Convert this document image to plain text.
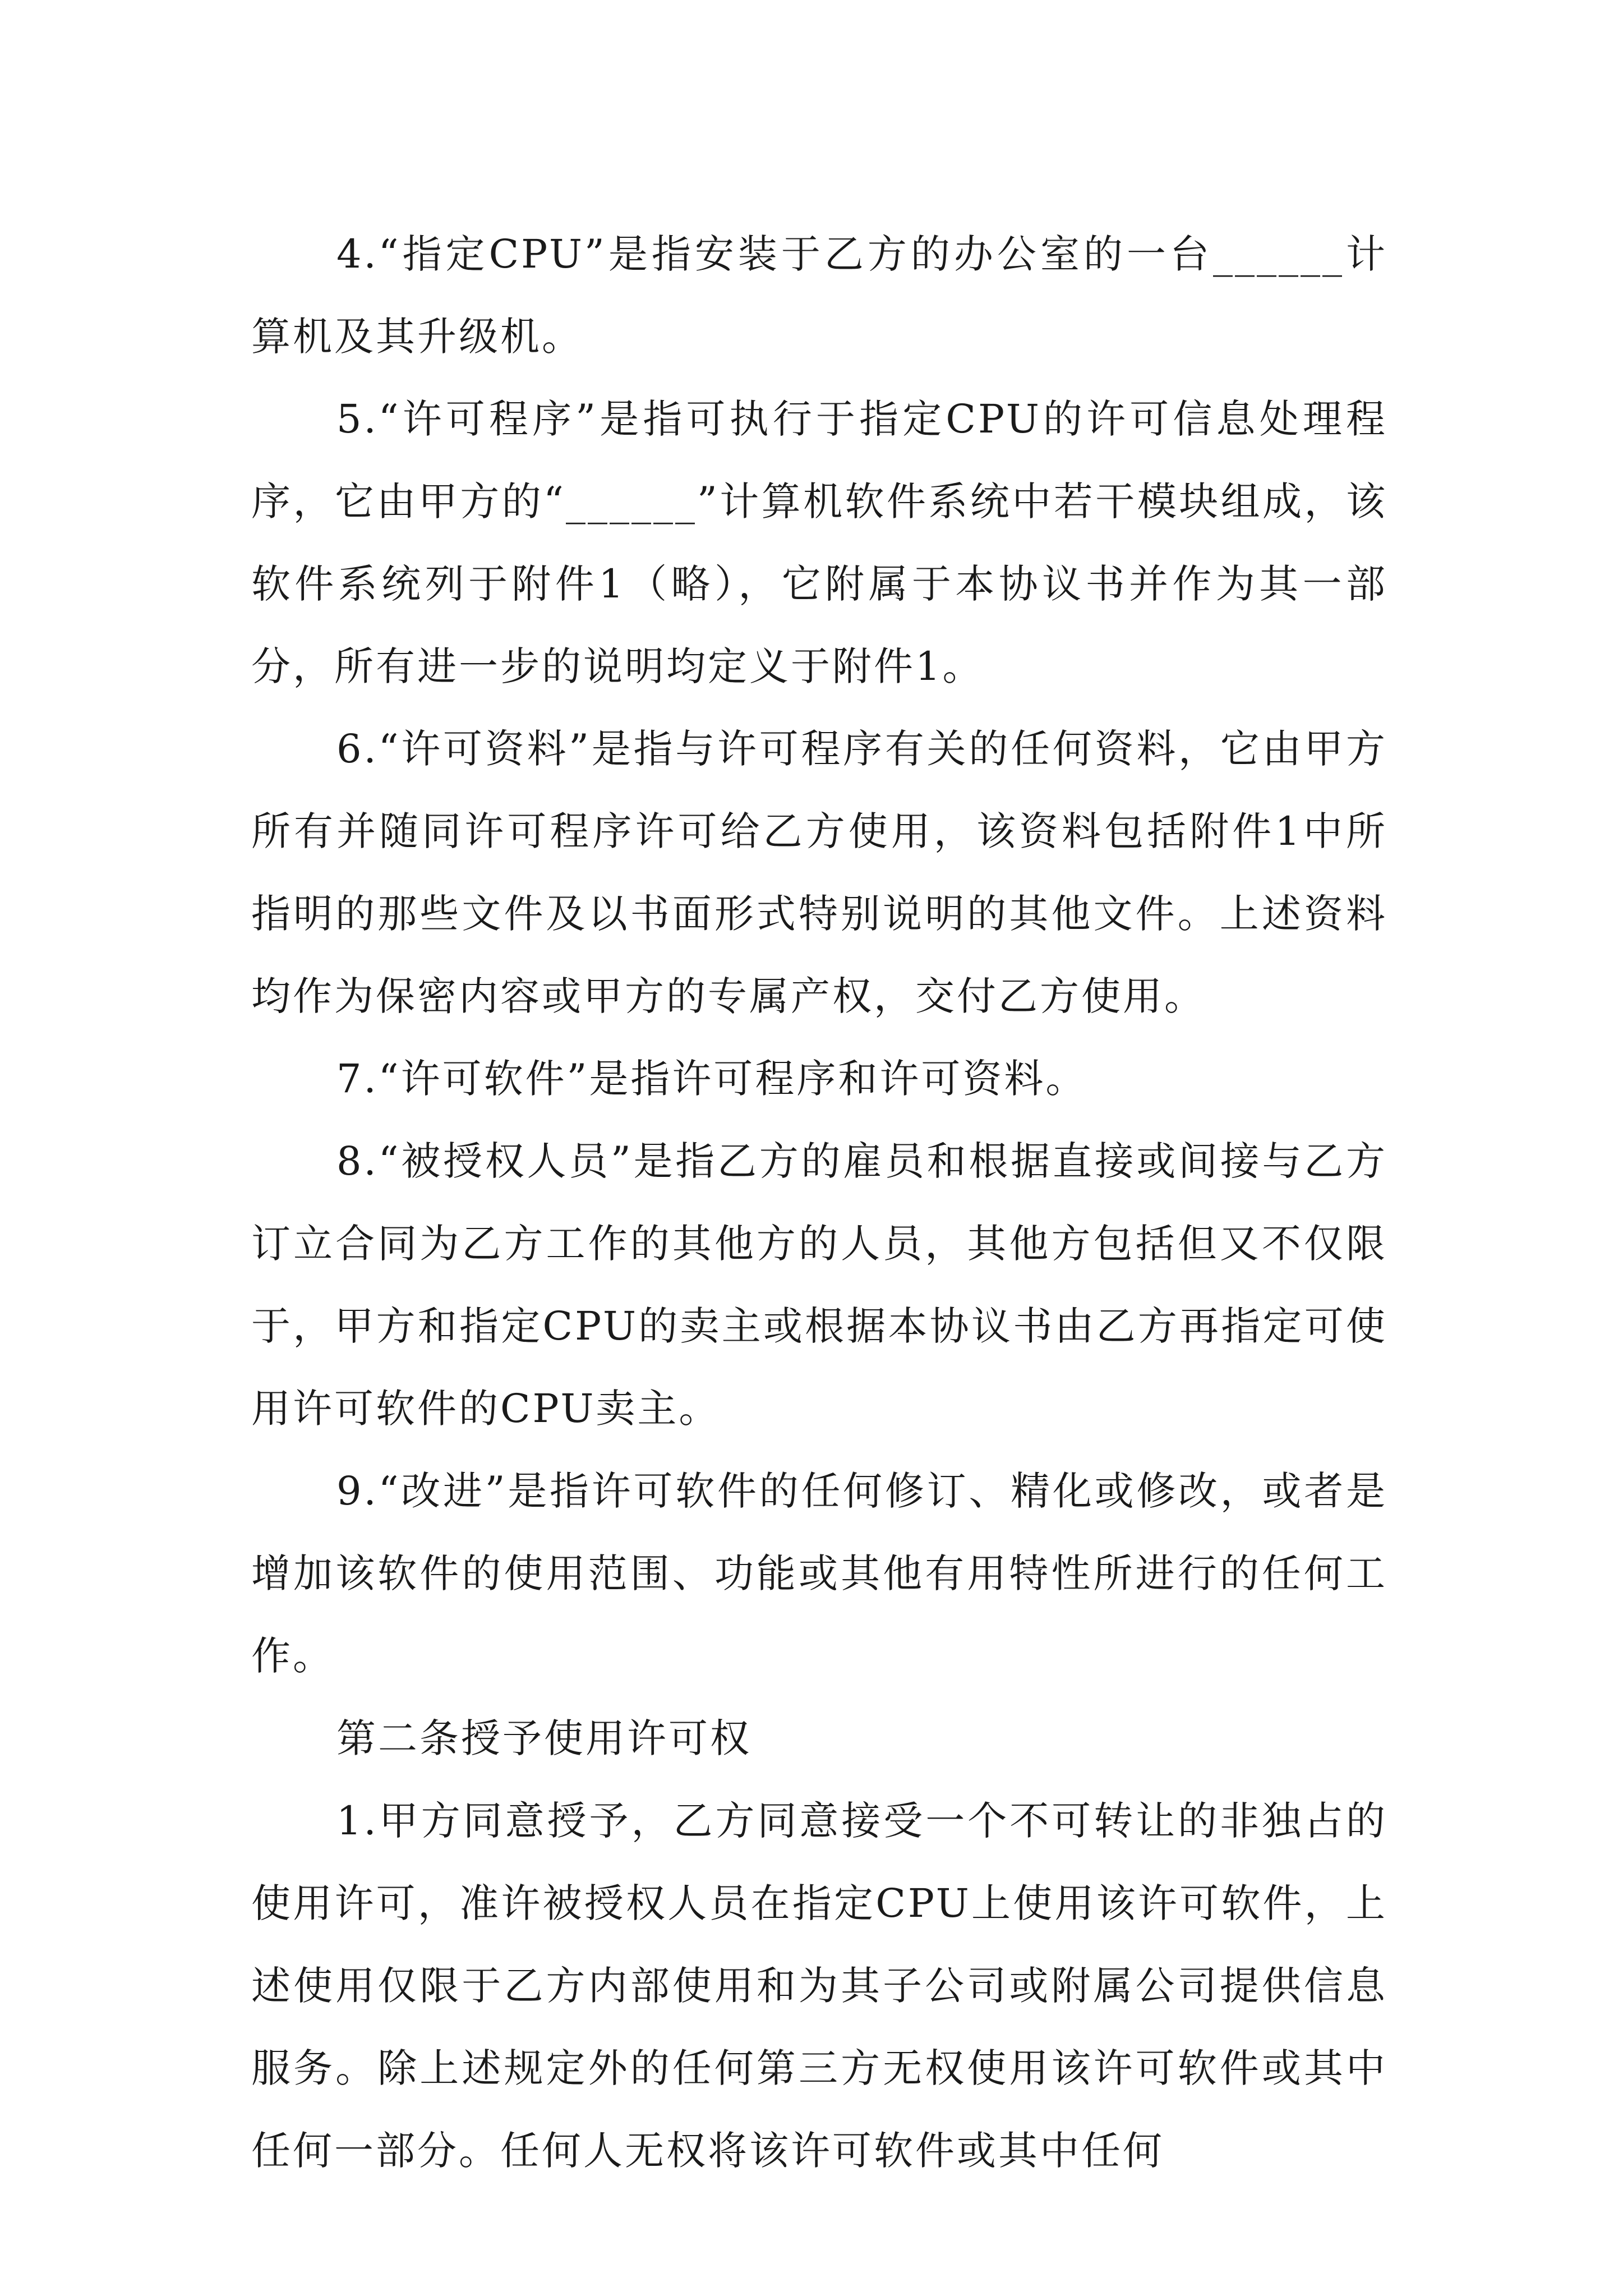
4.“指定CPU”是指安装于乙方的办公室的一台______计算机及其升级机。

5.“许可程序”是指可执行于指定CPU的许可信息处理程序，它由甲方的“______”计算机软件系统中若干模块组成，该软件系统列于附件1（略），它附属于本协议书并作为其一部分，所有进一步的说明均定义于附件1。

6.“许可资料”是指与许可程序有关的任何资料，它由甲方所有并随同许可程序许可给乙方使用，该资料包括附件1中所指明的那些文件及以书面形式特别说明的其他文件。上述资料均作为保密内容或甲方的专属产权，交付乙方使用。

7.“许可软件”是指许可程序和许可资料。

8.“被授权人员”是指乙方的雇员和根据直接或间接与乙方订立合同为乙方工作的其他方的人员，其他方包括但又不仅限于，甲方和指定CPU的卖主或根据本协议书由乙方再指定可使用许可软件的CPU卖主。

9.“改进”是指许可软件的任何修订、精化或修改，或者是增加该软件的使用范围、功能或其他有用特性所进行的任何工作。

第二条授予使用许可权

1.甲方同意授予，乙方同意接受一个不可转让的非独占的使用许可，准许被授权人员在指定CPU上使用该许可软件，上述使用仅限于乙方内部使用和为其子公司或附属公司提供信息服务。除上述规定外的任何第三方无权使用该许可软件或其中任何一部分。任何人无权将该许可软件或其中任何
